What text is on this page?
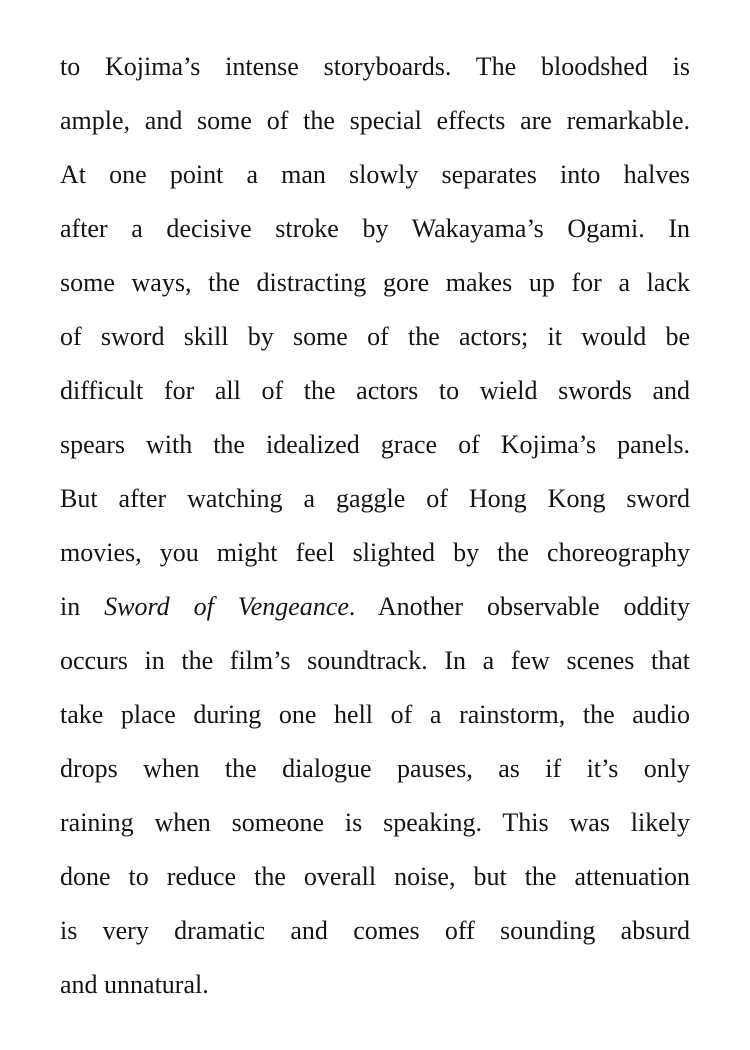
to Kojima’s intense storyboards. The bloodshed is
ample, and some of the special effects are remarkable.
At one point a man slowly separates into halves
after a decisive stroke by Wakayama’s Ogami. In
some ways, the distracting gore makes up for a lack
of sword skill by some of the actors; it would be
difficult for all of the actors to wield swords and
spears with the idealized grace of Kojima’s panels.
But after watching a gaggle of Hong Kong sword
movies, you might feel slighted by the choreography
in Sword of Vengeance. Another observable oddity
occurs in the film’s soundtrack. In a few scenes that
take place during one hell of a rainstorm, the audio
drops when the dialogue pauses, as if it’s only
raining when someone is speaking. This was likely
done to reduce the overall noise, but the attenuation
is very dramatic and comes off sounding absurd
and unnatural.
